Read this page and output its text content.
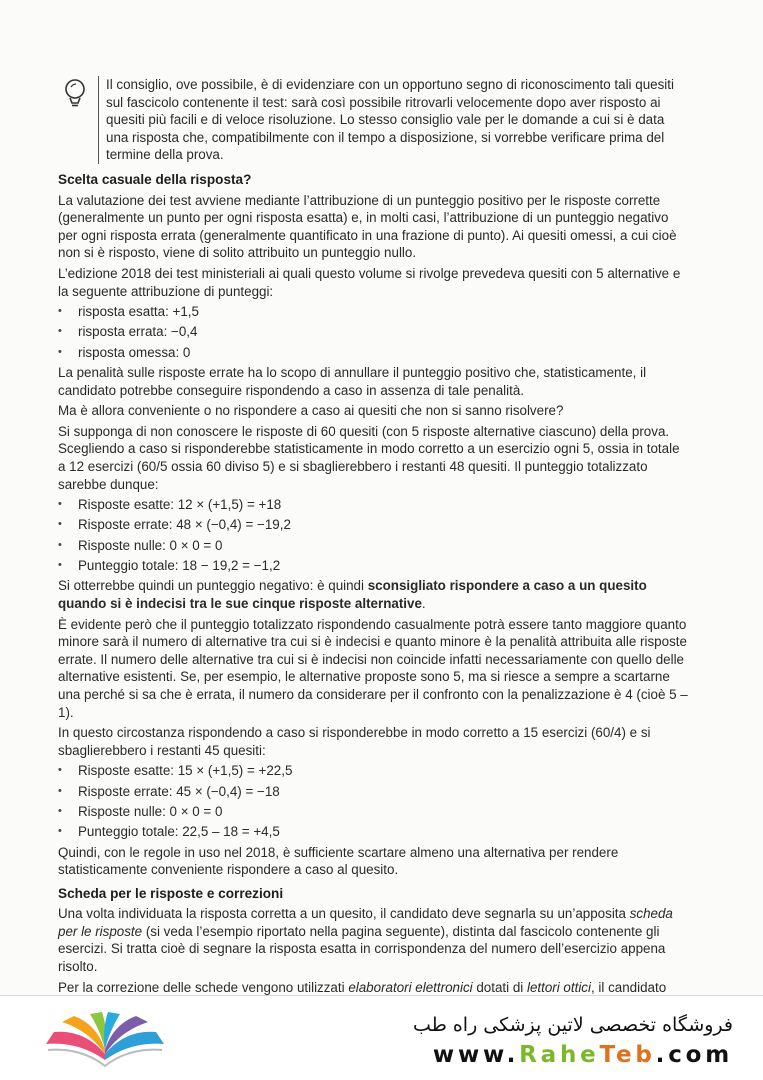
Il consiglio, ove possibile, è di evidenziare con un opportuno segno di riconoscimento tali quesiti sul fascicolo contenente il test: sarà così possibile ritrovarli velocemente dopo aver risposto ai quesiti più facili e di veloce risoluzione. Lo stesso consiglio vale per le domande a cui si è data una risposta che, compatibilmente con il tempo a disposizione, si vorrebbe verificare prima del termine della prova.

Scelta casuale della risposta?

La valutazione dei test avviene mediante l’attribuzione di un punteggio positivo per le risposte corrette (generalmente un punto per ogni risposta esatta) e, in molti casi, l’attribuzione di un punteggio negativo per ogni risposta errata (generalmente quantificato in una frazione di punto). Ai quesiti omessi, a cui cioè non si è risposto, viene di solito attribuito un punteggio nullo.

L’edizione 2018 dei test ministeriali ai quali questo volume si rivolge prevedeva quesiti con 5 alternative e la seguente attribuzione di punteggi:

• risposta esatta: +1,5
• risposta errata: −0,4
• risposta omessa: 0

La penalità sulle risposte errate ha lo scopo di annullare il punteggio positivo che, statisticamente, il candidato potrebbe conseguire rispondendo a caso in assenza di tale penalità.

Ma è allora conveniente o no rispondere a caso ai quesiti che non si sanno risolvere?

Si supponga di non conoscere le risposte di 60 quesiti (con 5 risposte alternative ciascuno) della prova. Scegliendo a caso si risponderebbe statisticamente in modo corretto a un esercizio ogni 5, ossia in totale a 12 esercizi (60/5 ossia 60 diviso 5) e si sbaglierebbero i restanti 48 quesiti. Il punteggio totalizzato sarebbe dunque:

• Risposte esatte: 12 × (+1,5) = +18
• Risposte errate: 48 × (−0,4) = −19,2
• Risposte nulle: 0 × 0 = 0
• Punteggio totale: 18 − 19,2 = −1,2

Si otterrebbe quindi un punteggio negativo: è quindi sconsigliato rispondere a caso a un quesito quando si è indecisi tra le sue cinque risposte alternative.

È evidente però che il punteggio totalizzato rispondendo casualmente potrà essere tanto maggiore quanto minore sarà il numero di alternative tra cui si è indecisi e quanto minore è la penalità attribuita alle risposte errate. Il numero delle alternative tra cui si è indecisi non coincide infatti necessariamente con quello delle alternative esistenti. Se, per esempio, le alternative proposte sono 5, ma si riesce a sempre a scartarne una perché si sa che è errata, il numero da considerare per il confronto con la penalizzazione è 4 (cioè 5 – 1).

In questo circostanza rispondendo a caso si risponderebbe in modo corretto a 15 esercizi (60/4) e si sbaglierebbero i restanti 45 quesiti:

• Risposte esatte: 15 × (+1,5) = +22,5
• Risposte errate: 45 × (−0,4) = −18
• Risposte nulle: 0 × 0 = 0
• Punteggio totale: 22,5 – 18 = +4,5

Quindi, con le regole in uso nel 2018, è sufficiente scartare almeno una alternativa per rendere statisticamente conveniente rispondere a caso al quesito.

Scheda per le risposte e correzioni

Una volta individuata la risposta corretta a un quesito, il candidato deve segnarla su un’apposita scheda per le risposte (si veda l’esempio riportato nella pagina seguente), distinta dal fascicolo contenente gli esercizi. Si tratta cioè di segnare la risposta esatta in corrispondenza del numero dell’esercizio appena risolto.

Per la correzione delle schede vengono utilizzati elaboratori elettronici dotati di lettori ottici, il candidato

فروشگاه تخصصی لاتین پزشکی راه طب
www.RaheTeb.com
